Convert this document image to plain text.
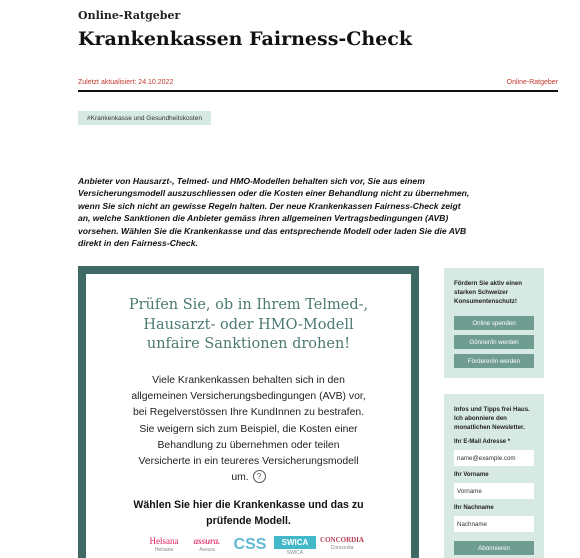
Online-Ratgeber
Krankenkassen Fairness-Check
Zuletzt aktualisiert: 24.10.2022	Online-Ratgeber
#Krankenkasse und Gesundheitskosten
Anbieter von Hausarzt-, Telmed- und HMO-Modellen behalten sich vor, Sie aus einem Versicherungsmodell auszuschliessen oder die Kosten einer Behandlung nicht zu übernehmen, wenn Sie sich nicht an gewisse Regeln halten. Der neue Krankenkassen Fairness-Check zeigt an, welche Sanktionen die Anbieter gemäss ihren allgemeinen Vertragsbedingungen (AVB) vorsehen. Wählen Sie die Krankenkasse und das entsprechende Modell oder laden Sie die AVB direkt in den Fairness-Check.
Prüfen Sie, ob in Ihrem Telmed-,
Hausarzt- oder HMO-Modell
unfaire Sanktionen drohen!
Viele Krankenkassen behalten sich in den
allgemeinen Versicherungsbedingungen (AVB) vor,
bei Regelverstössen Ihre KundInnen zu bestrafen.
Sie weigern sich zum Beispiel, die Kosten einer
Behandlung zu übernehmen oder teilen
Versicherte in ein teureres Versicherungsmodell
um. ?
Wählen Sie hier die Krankenkasse und das zu
prüfende Modell.
Helsana
Helsana
assura.
Assura	CSS	SWICA
SWICA
CONCORDIA
Concordia
Fördern Sie aktiv einen starken Schweizer Konsumentenschutz!
Online spenden
Gönner/in werden
Förderer/in werden
Infos und Tipps frei Haus. Ich abonniere den monatlichen Newsletter.
Ihr E-Mail Adresse *
name@example.com
Ihr Vorname
Vorname
Ihr Nachname
Nachname
Abonnieren
